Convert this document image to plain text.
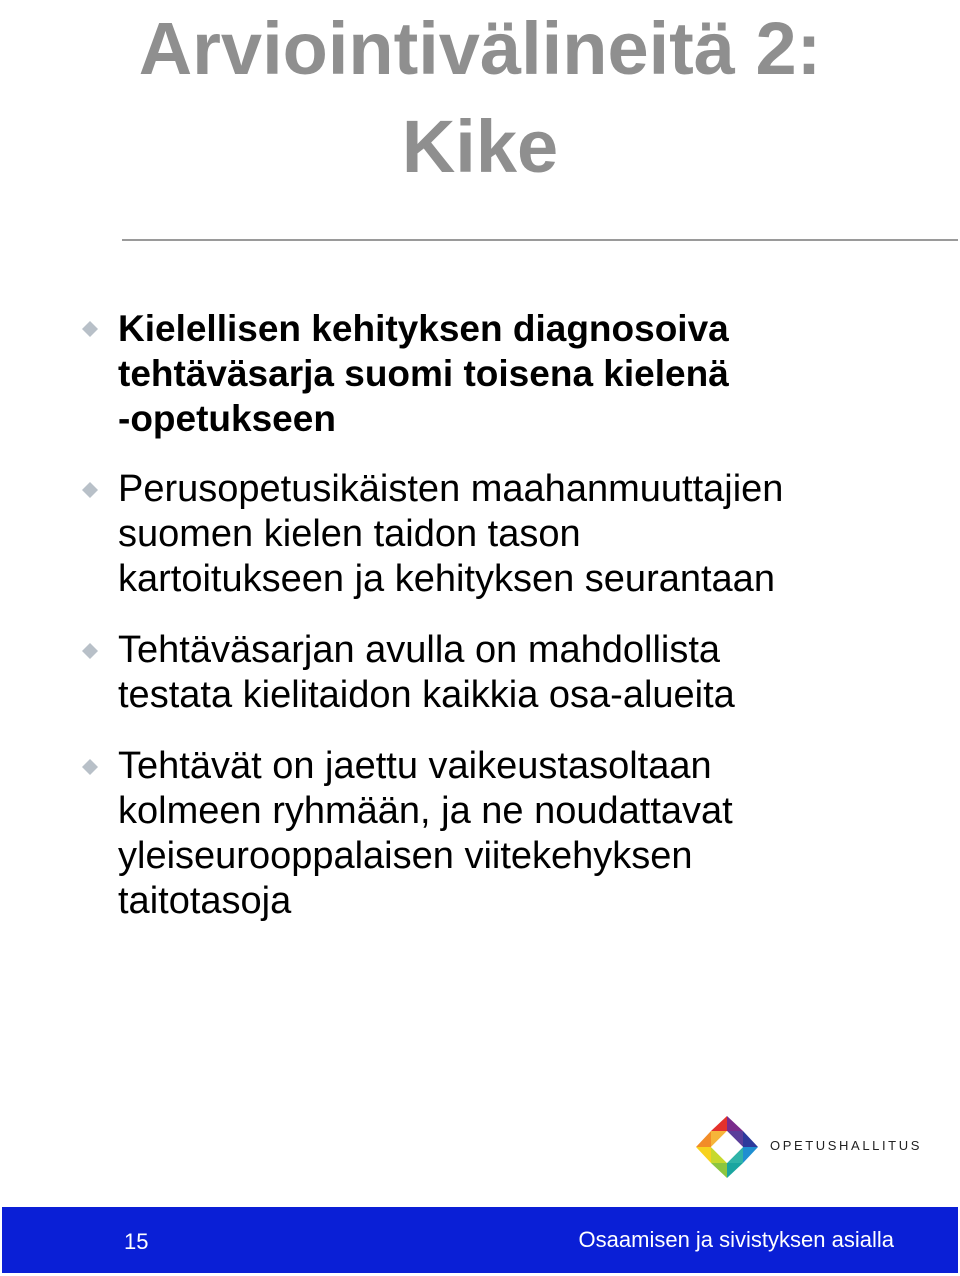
Arviointivälineitä 2:
Kike
Kielellisen kehityksen diagnosoiva
tehtäväsarja suomi toisena kielenä
-opetukseen
Perusopetusikäisten maahanmuuttajien
suomen kielen taidon tason
kartoitukseen ja kehityksen seurantaan
Tehtäväsarjan avulla on mahdollista
testata kielitaidon kaikkia osa-alueita
Tehtävät on jaettu vaikeustasoltaan
kolmeen ryhmään, ja ne noudattavat
yleiseurooppalaisen viitekehyksen
taitotasoja
OPETUSHALLITUS
15	Osaamisen ja sivistyksen asialla
